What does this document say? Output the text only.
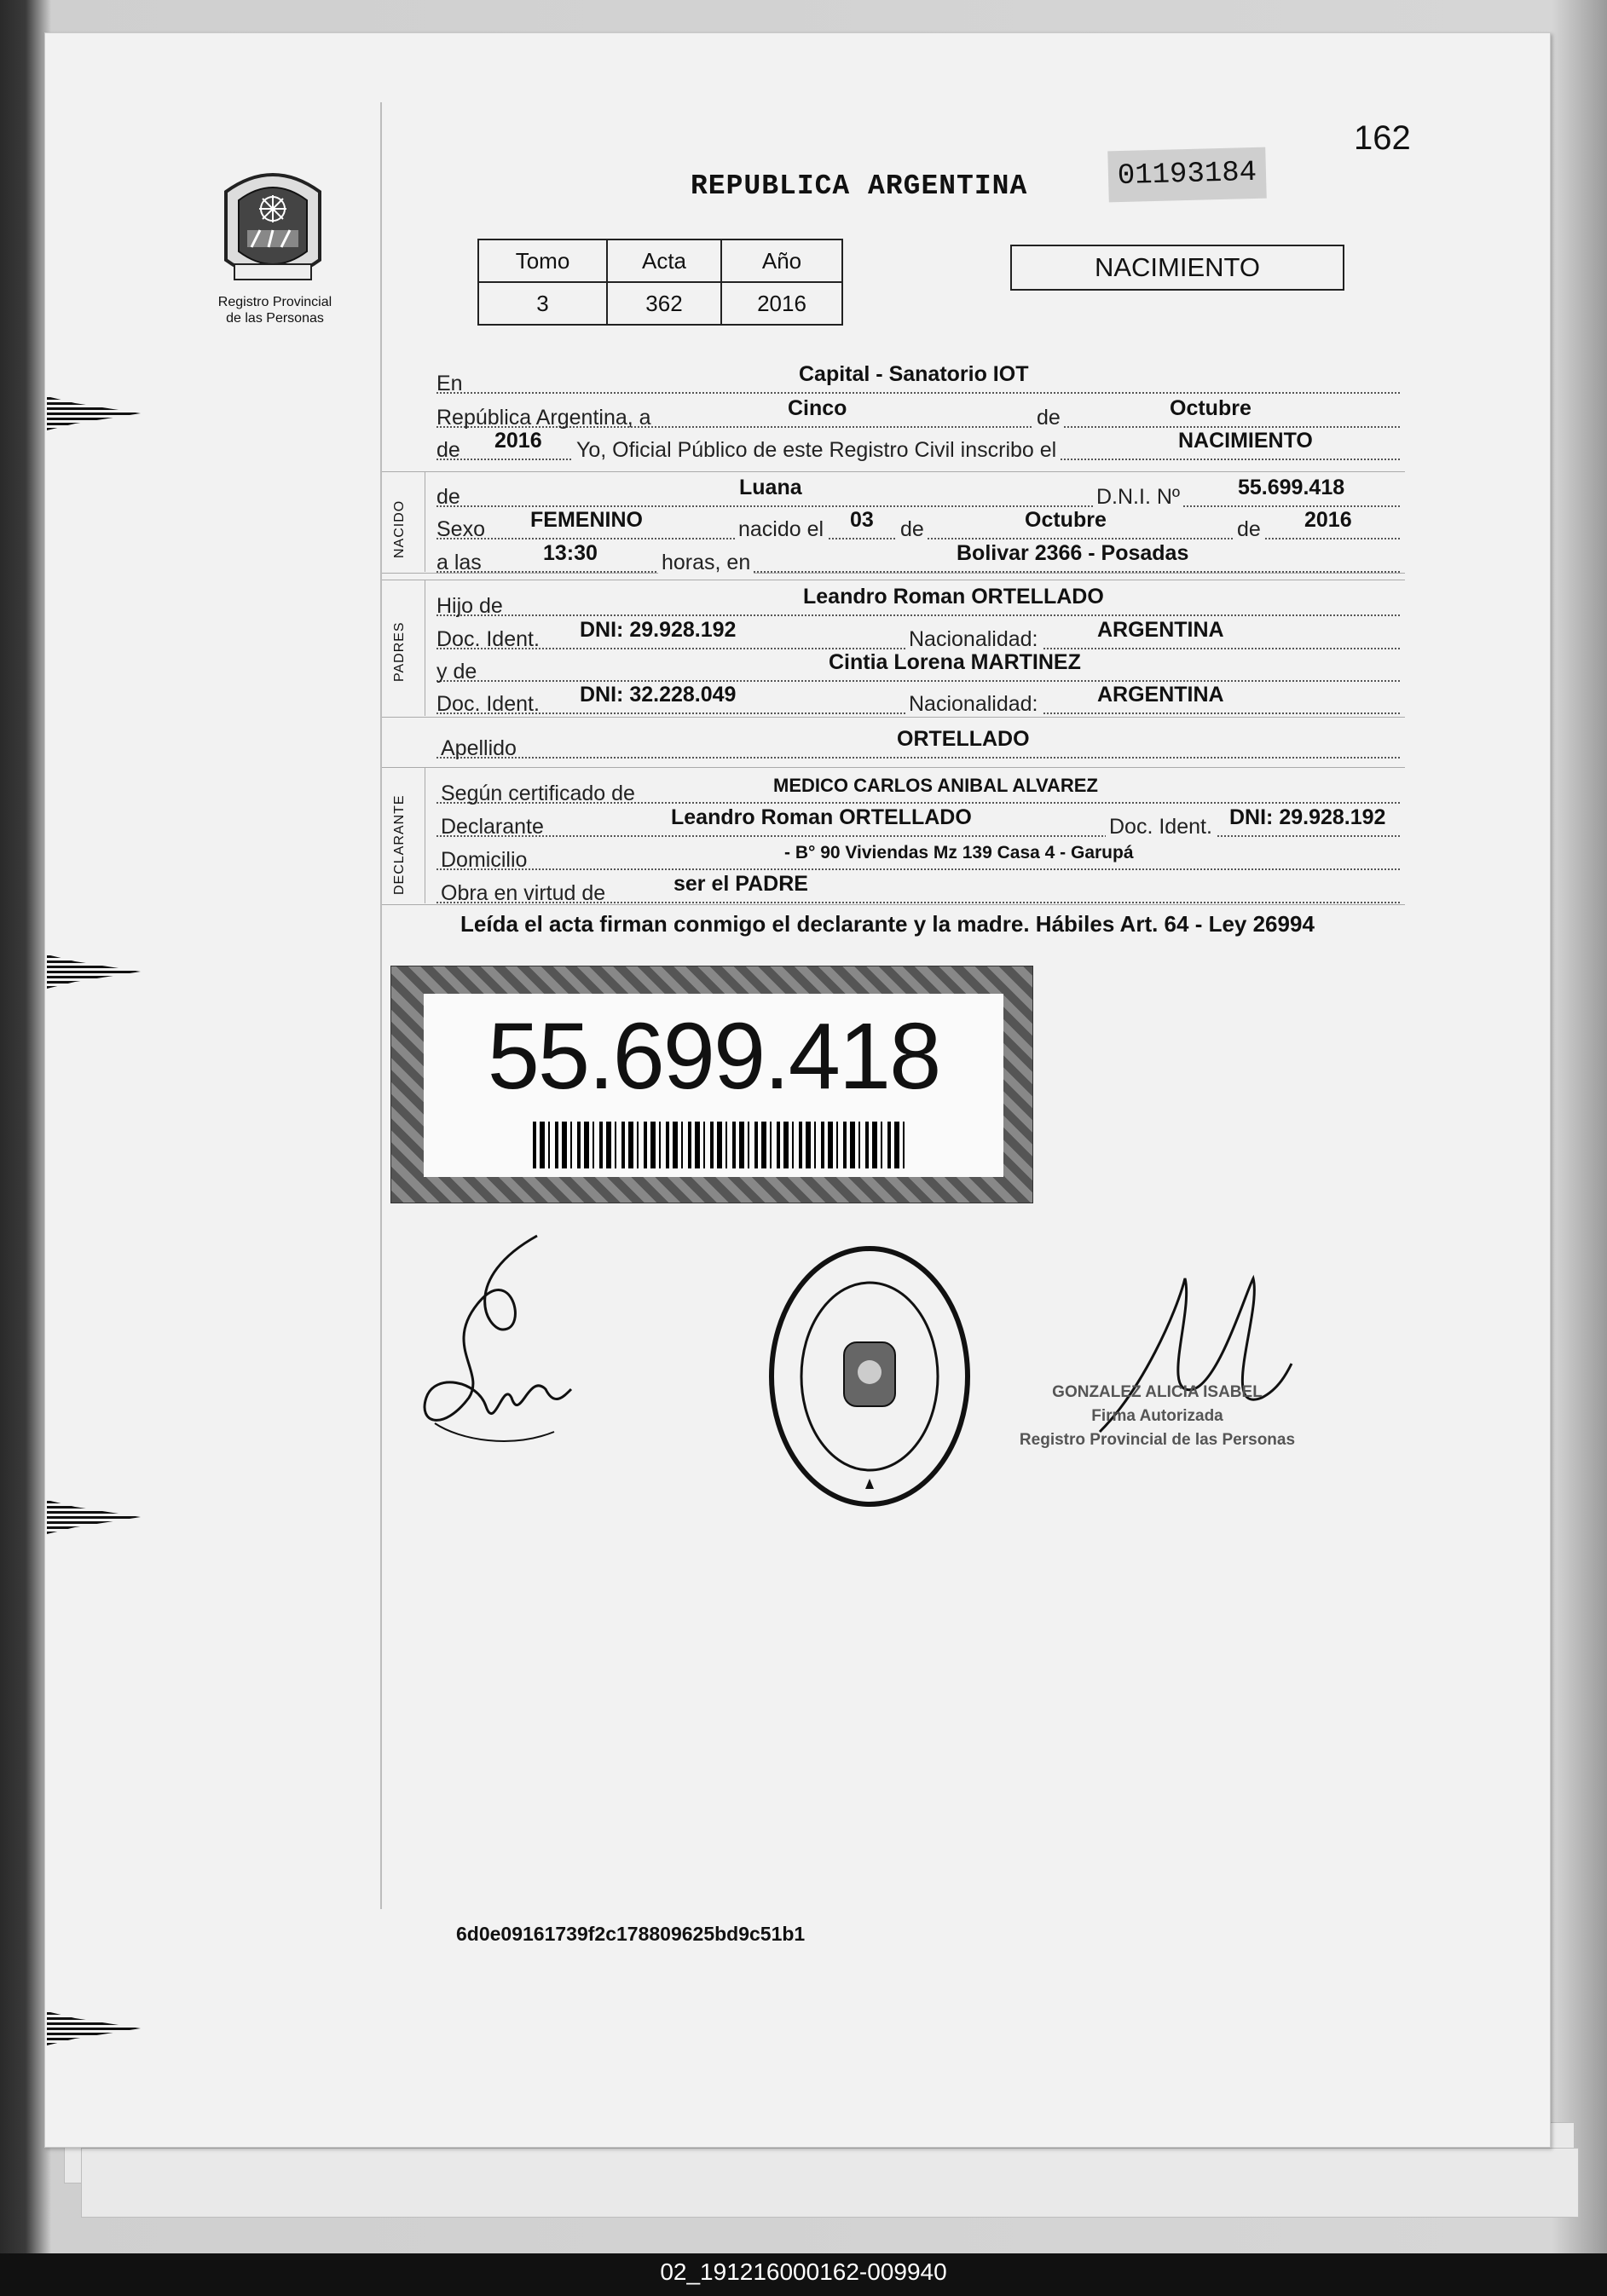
162
REPUBLICA ARGENTINA	01193184
Registro Provincial
de las Personas
Tomo	Acta	Año
3	362	2016
NACIMIENTO
En	Capital - Sanatorio IOT
República Argentina, a	Cinco	de	Octubre
de 2016 Yo, Oficial Público de este Registro Civil inscribo el	NACIMIENTO
NACIDO
de	Luana	D.N.I. Nº	55.699.418
Sexo FEMENINO	nacido el 03 de	Octubre	de 2016
a las	13:30	horas, en	Bolivar 2366 - Posadas
PADRES
Hijo de	Leandro Roman ORTELLADO
Doc. Ident. DNI: 29.928.192	Nacionalidad:	ARGENTINA
y de	Cintia Lorena MARTINEZ
Doc. Ident. DNI: 32.228.049	Nacionalidad:	ARGENTINA
Apellido	ORTELLADO
DECLARANTE
Según certificado de	MEDICO CARLOS ANIBAL ALVAREZ
Declarante	Leandro Roman ORTELLADO	Doc. Ident. DNI: 29.928.192
Domicilio	- B° 90 Viviendas Mz 139 Casa 4 - Garupá
Obra en virtud de	ser el PADRE
Leída el acta firman conmigo el declarante y la madre. Hábiles Art. 64 - Ley 26994
55.699.418
GONZALEZ ALICIA ISABEL
Firma Autorizada
Registro Provincial de las Personas
6d0e09161739f2c178809625bd9c51b1
02_191216000162-009940
